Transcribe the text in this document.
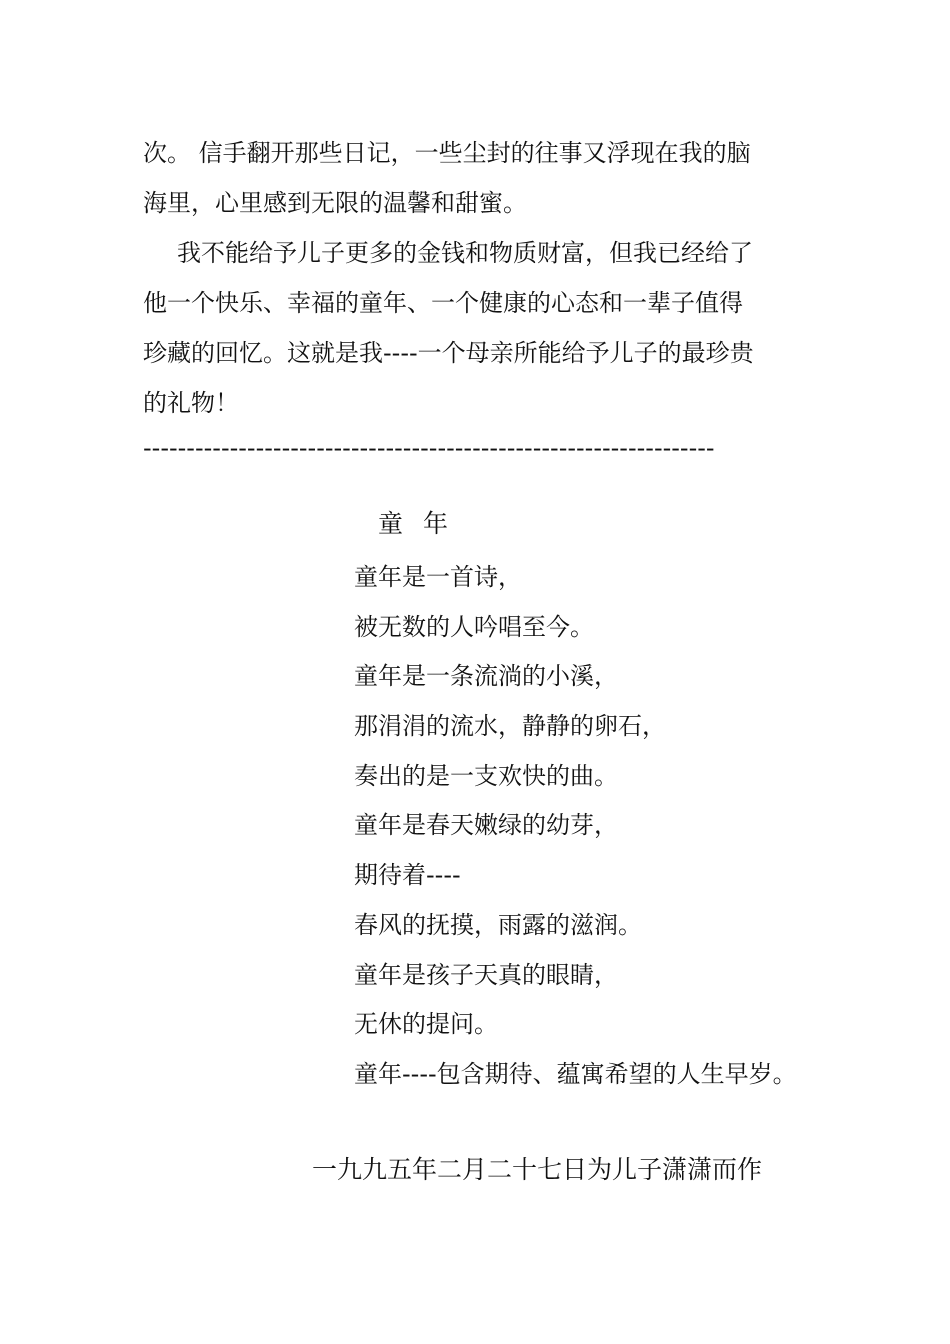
次。 信手翻开那些日记，一些尘封的往事又浮现在我的脑
海里，心里感到无限的温馨和甜蜜。
我不能给予儿子更多的金钱和物质财富，但我已经给了
他一个快乐、幸福的童年、一个健康的心态和一辈子值得
珍藏的回忆。这就是我----一个母亲所能给予儿子的最珍贵
的礼物！
------------------------------------------------------------------
童 年
童年是一首诗，
被无数的人吟唱至今。
童年是一条流淌的小溪，
那涓涓的流水，静静的卵石，
奏出的是一支欢快的曲。
童年是春天嫩绿的幼芽，
期待着----
春风的抚摸，雨露的滋润。
童年是孩子天真的眼睛，
无休的提问。
童年----包含期待、蕴寓希望的人生早岁。
一九九五年二月二十七日为儿子潇潇而作
